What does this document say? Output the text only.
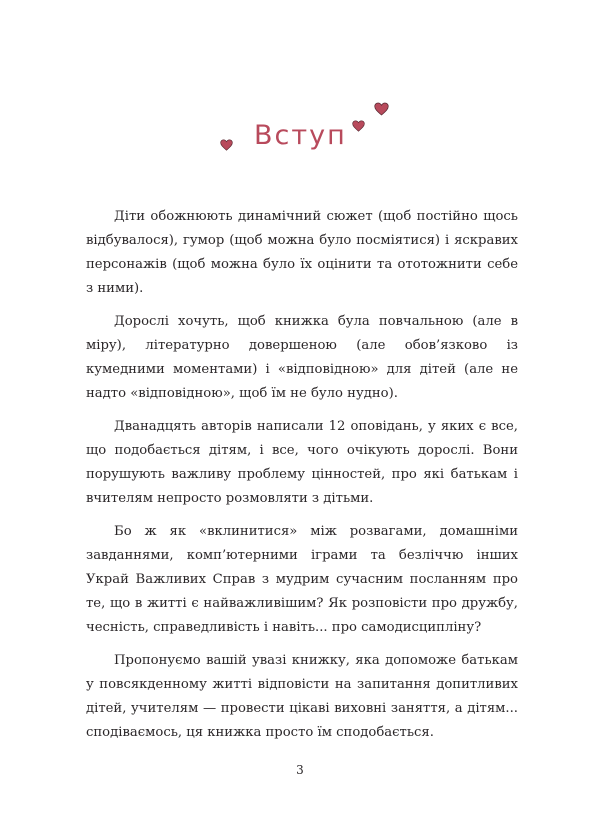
Вступ

Діти обожнюють динамічний сюжет (щоб постійно щось відбувалося), гумор (щоб можна було посміятися) і яскравих персонажів (щоб можна було їх оцінити та ототожнити себе з ними).

Дорослі хочуть, щоб книжка була повчальною (але в міру), літературно довершеною (але обов’язково із кумедними моментами) і «відповідною» для дітей (але не надто «відповідною», щоб їм не було нудно).

Дванадцять авторів написали 12 оповідань, у яких є все, що подобається дітям, і все, чого очікують дорослі. Вони порушують важливу проблему цінностей, про які батькам і вчителям непросто розмовляти з дітьми.

Бо ж як «вклинитися» між розвагами, домашніми завданнями, комп’ютерними іграми та безліччю інших Украй Важливих Справ з мудрим сучасним посланням про те, що в житті є найважливішим? Як розповісти про дружбу, чесність, справедливість і навіть... про самодисципліну?

Пропонуємо вашій увазі книжку, яка допоможе батькам у повсякденному житті відповісти на запитання допитливих дітей, учителям — провести цікаві виховні заняття, а дітям... сподіваємось, ця книжка просто їм сподобається.

3
